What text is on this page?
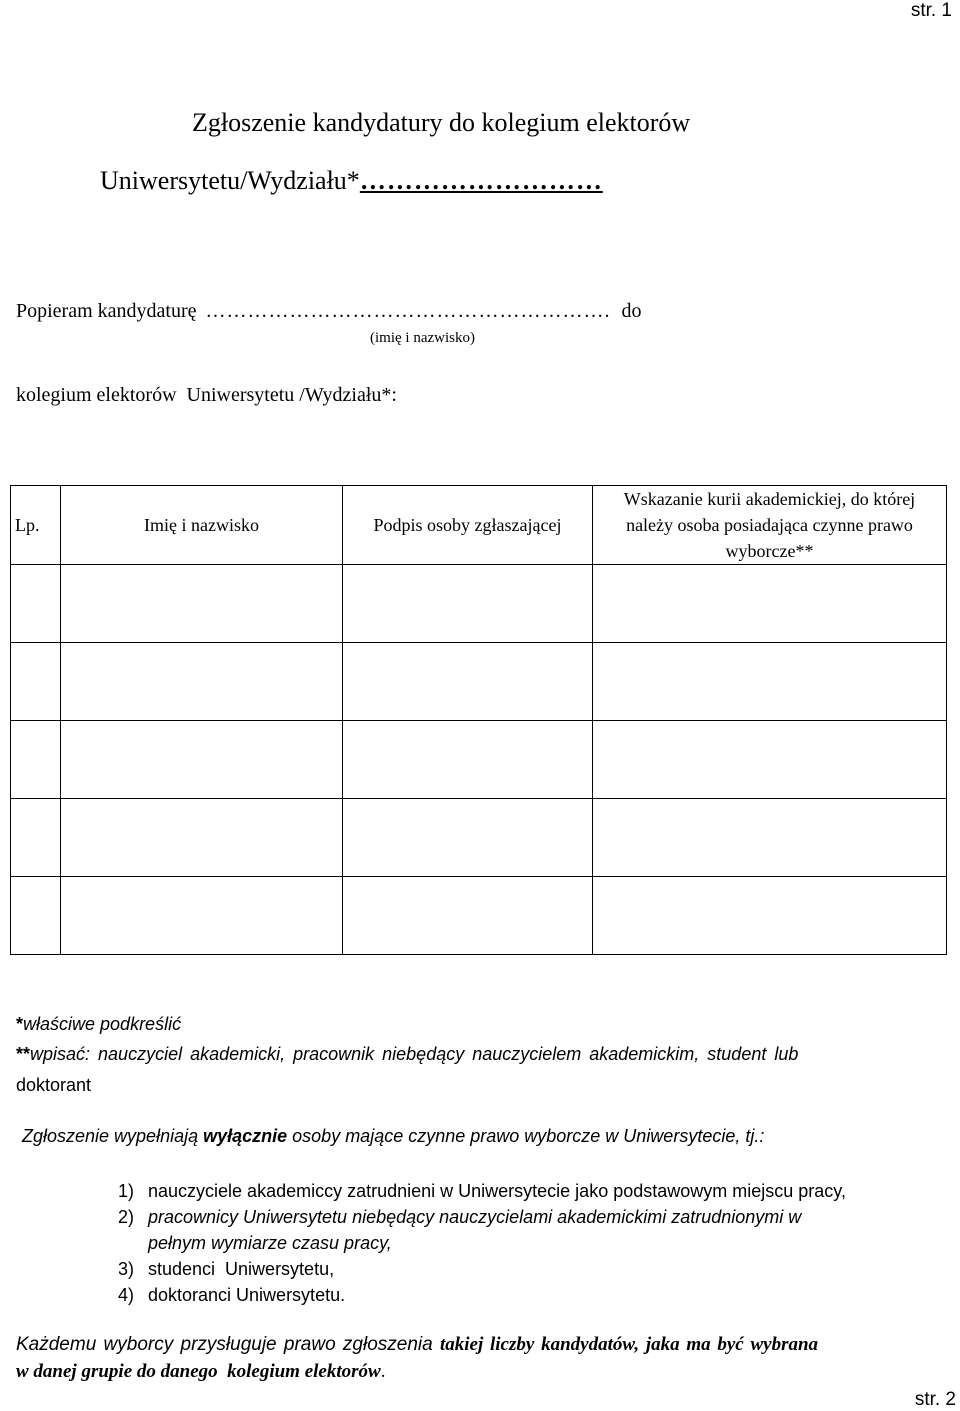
str. 1
Zgłoszenie kandydatury do kolegium elektorów
Uniwersytetu/Wydziału*………………………
Popieram kandydaturę …………………………………………………. do
(imię i nazwisko)
kolegium elektorów  Uniwersytetu /Wydziału*:
Lp.	Imię i nazwisko	Podpis osoby zgłaszającej	Wskazanie kurii akademickiej, do której należy osoba posiadająca czynne prawo wyborcze**

*właściwe podkreślić
**wpisać: nauczyciel akademicki, pracownik niebędący nauczycielem akademickim, student lub
doktorant
Zgłoszenie wypełniają wyłącznie osoby mające czynne prawo wyborcze w Uniwersytecie, tj.:
1) nauczyciele akademiccy zatrudnieni w Uniwersytecie jako podstawowym miejscu pracy,
2) pracownicy Uniwersytetu niebędący nauczycielami akademickimi zatrudnionymi w
pełnym wymiarze czasu pracy,
3) studenci  Uniwersytetu,
4) doktoranci Uniwersytetu.
Każdemu wyborcy przysługuje prawo zgłoszenia takiej liczby kandydatów, jaka ma być wybrana
w danej grupie do danego  kolegium elektorów.
str. 2
